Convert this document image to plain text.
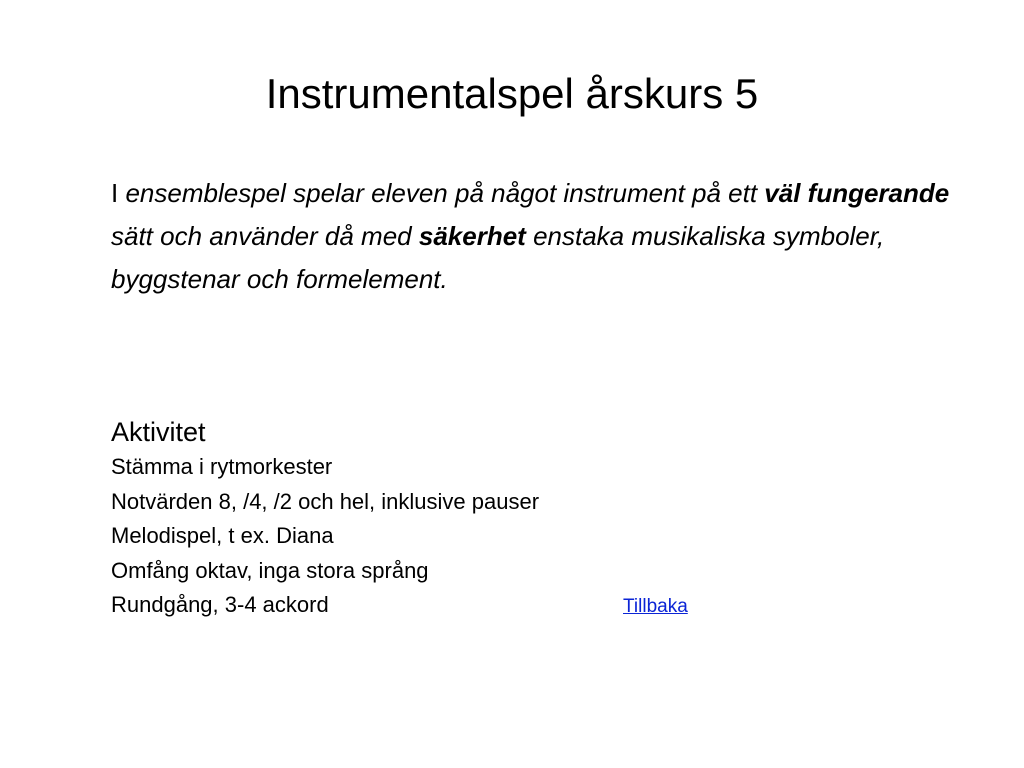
Instrumentalspel årskurs 5

I ensemblespel spelar eleven på något instrument på ett väl fungerande sätt och använder då med säkerhet enstaka musikaliska symboler, byggstenar och formelement.

Aktivitet
Stämma i rytmorkester
Notvärden 8, /4, /2 och hel, inklusive pauser
Melodispel, t ex. Diana
Omfång oktav, inga stora språng
Rundgång, 3-4 ackord	Tillbaka
